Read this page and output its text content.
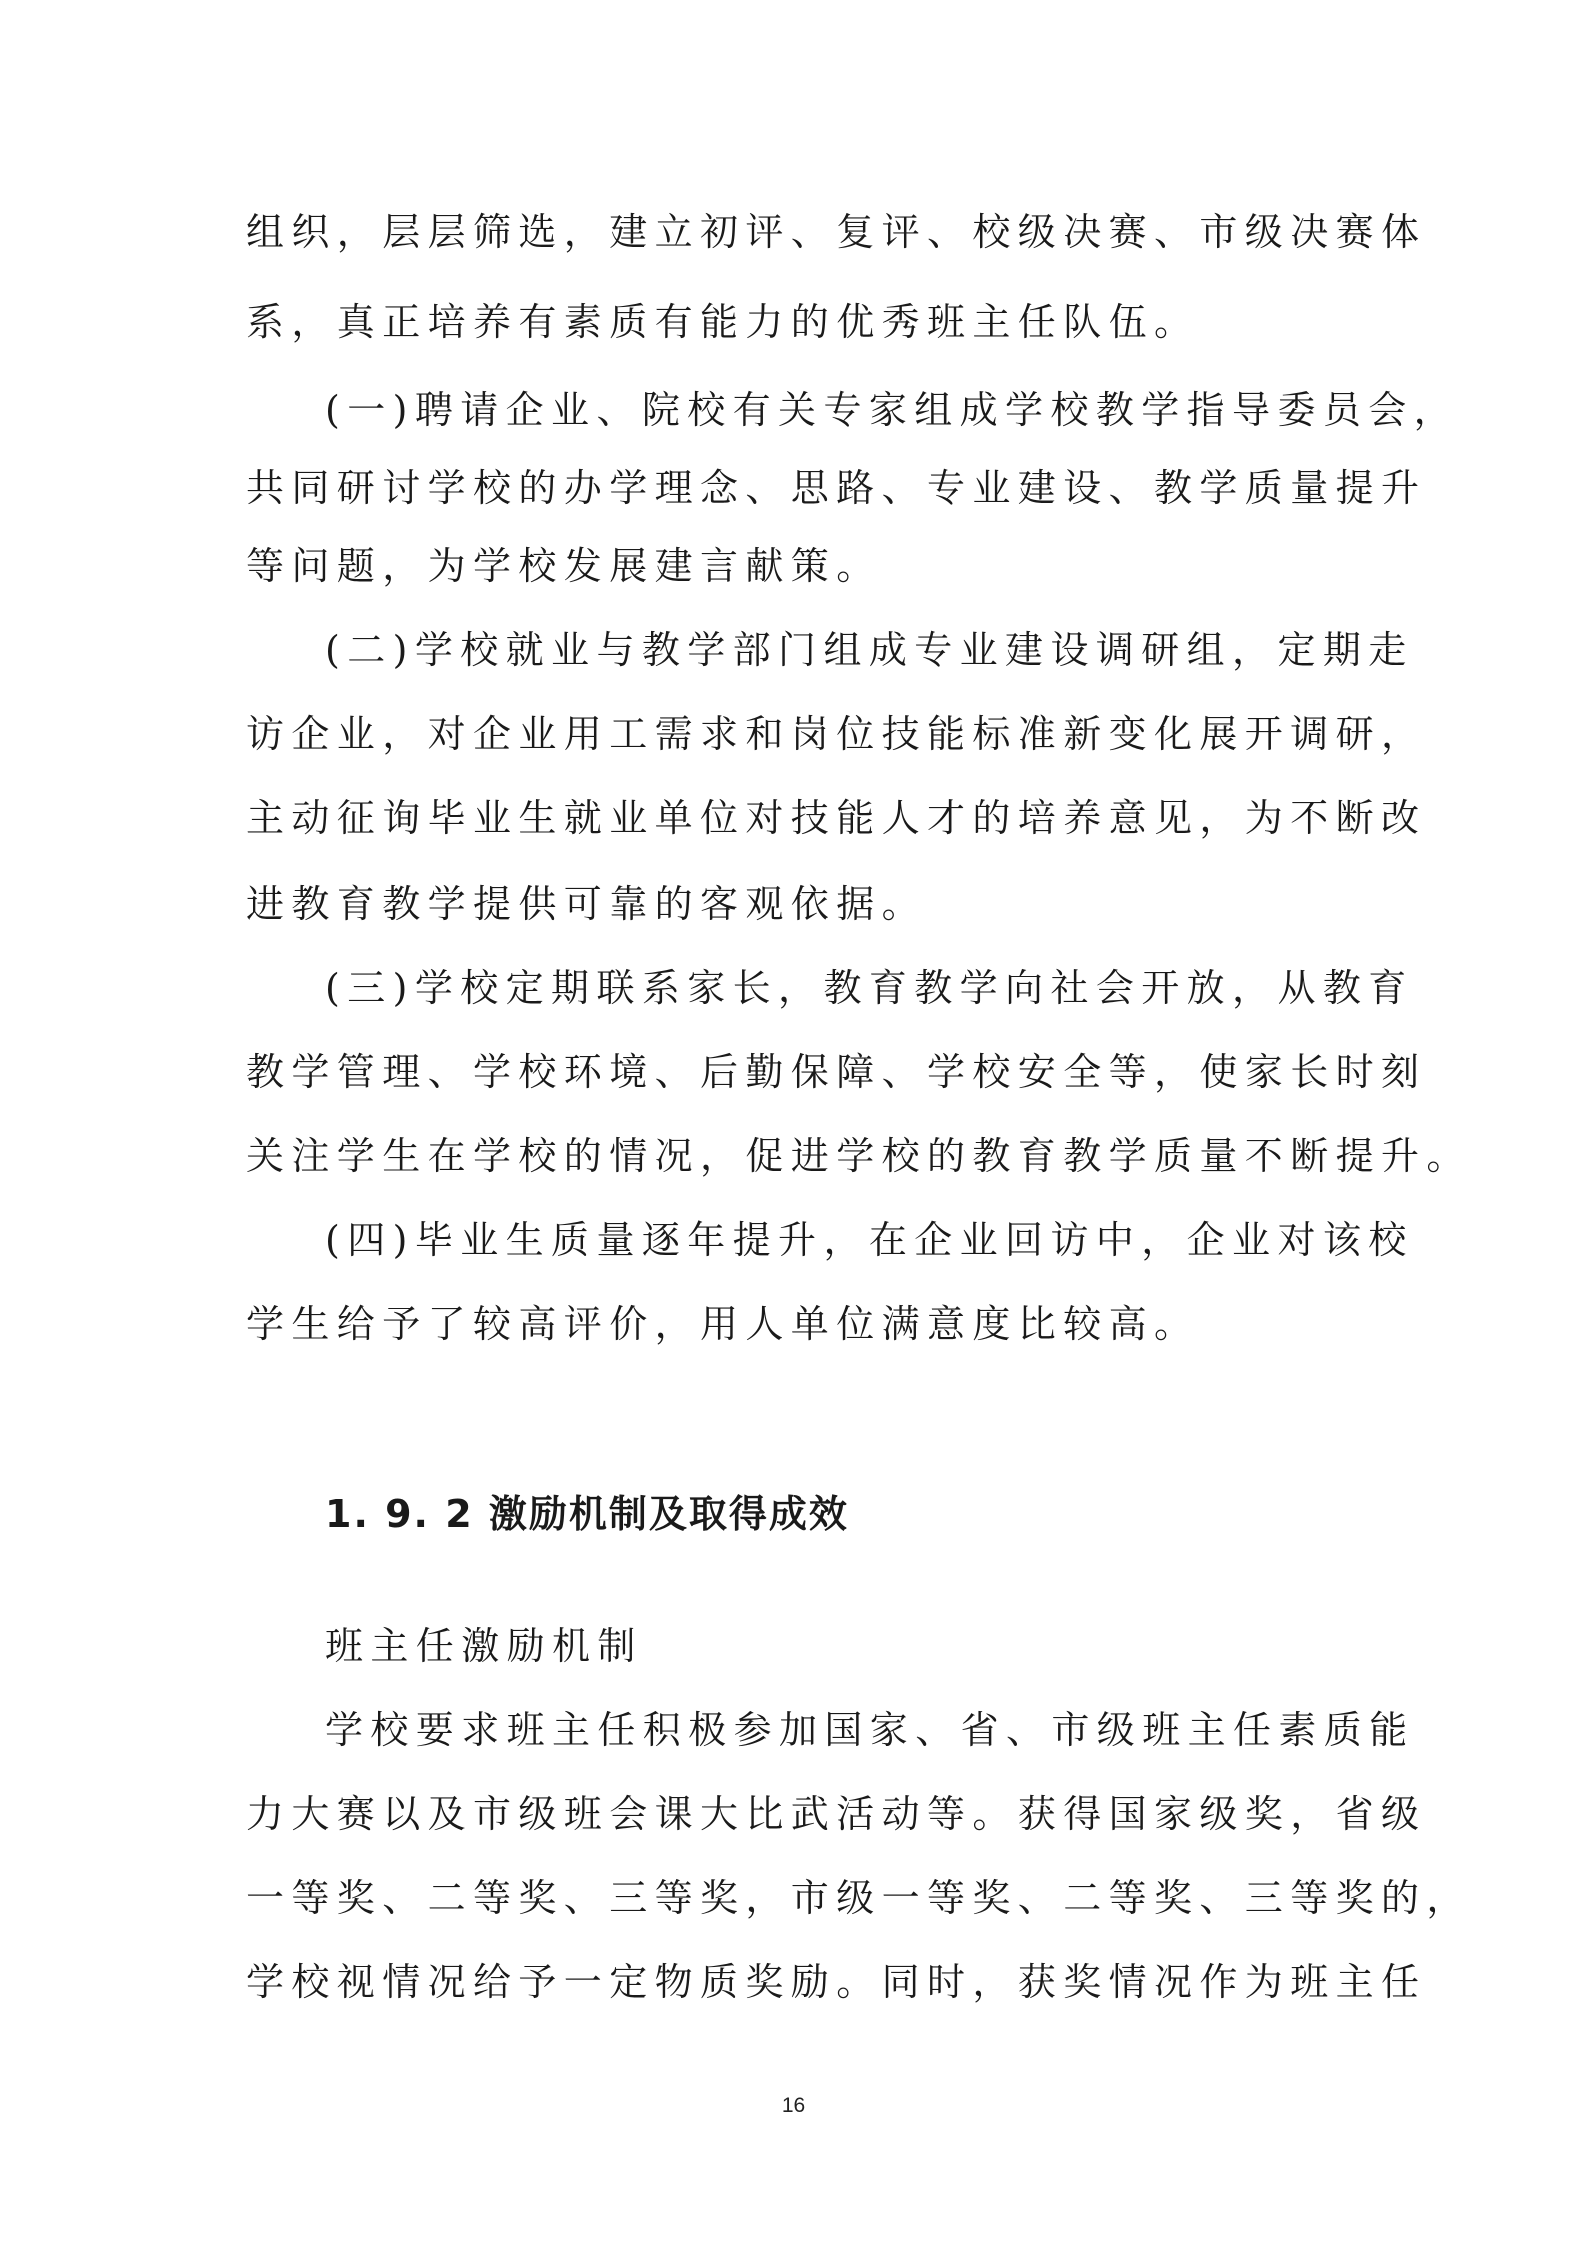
组织，层层筛选，建立初评、复评、校级决赛、市级决赛体
系，真正培养有素质有能力的优秀班主任队伍。
(一)聘请企业、院校有关专家组成学校教学指导委员会，
共同研讨学校的办学理念、思路、专业建设、教学质量提升
等问题，为学校发展建言献策。
(二)学校就业与教学部门组成专业建设调研组，定期走
访企业，对企业用工需求和岗位技能标准新变化展开调研，
主动征询毕业生就业单位对技能人才的培养意见，为不断改
进教育教学提供可靠的客观依据。
(三)学校定期联系家长，教育教学向社会开放，从教育
教学管理、学校环境、后勤保障、学校安全等，使家长时刻
关注学生在学校的情况，促进学校的教育教学质量不断提升。
(四)毕业生质量逐年提升，在企业回访中，企业对该校
学生给予了较高评价，用人单位满意度比较高。
1. 9. 2 激励机制及取得成效
班主任激励机制
学校要求班主任积极参加国家、省、市级班主任素质能
力大赛以及市级班会课大比武活动等。获得国家级奖，省级
一等奖、二等奖、三等奖，市级一等奖、二等奖、三等奖的，
学校视情况给予一定物质奖励。同时，获奖情况作为班主任
16
